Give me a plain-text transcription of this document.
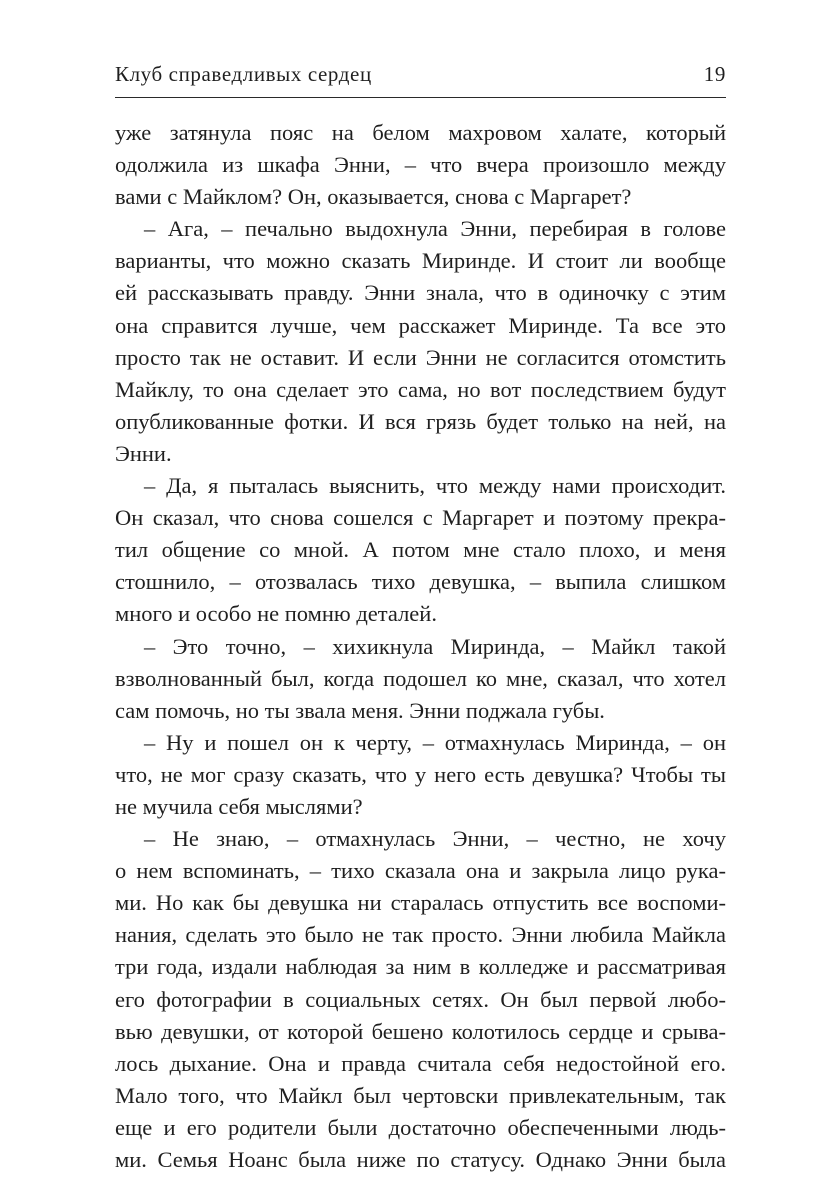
Клуб справедливых сердец	19
уже затянула пояс на белом махровом халате, который
одолжила из шкафа Энни, – что вчера произошло между
вами с Майклом? Он, оказывается, снова с Маргарет?
– Ага, – печально выдохнула Энни, перебирая в голове
варианты, что можно сказать Миринде. И стоит ли вообще
ей рассказывать правду. Энни знала, что в одиночку с этим
она справится лучше, чем расскажет Миринде. Та все это
просто так не оставит. И если Энни не согласится отомстить
Майклу, то она сделает это сама, но вот последствием будут
опубликованные фотки. И вся грязь будет только на ней, на
Энни.
– Да, я пыталась выяснить, что между нами происходит.
Он сказал, что снова сошелся с Маргарет и поэтому прекра-
тил общение со мной. А потом мне стало плохо, и меня
стошнило, – отозвалась тихо девушка, – выпила слишком
много и особо не помню деталей.
– Это точно, – хихикнула Миринда, – Майкл такой
взволнованный был, когда подошел ко мне, сказал, что хотел
сам помочь, но ты звала меня. Энни поджала губы.
– Ну и пошел он к черту, – отмахнулась Миринда, – он
что, не мог сразу сказать, что у него есть девушка? Чтобы ты
не мучила себя мыслями?
– Не знаю, – отмахнулась Энни, – честно, не хочу
о нем вспоминать, – тихо сказала она и закрыла лицо рука-
ми. Но как бы девушка ни старалась отпустить все воспоми-
нания, сделать это было не так просто. Энни любила Майкла
три года, издали наблюдая за ним в колледже и рассматривая
его фотографии в социальных сетях. Он был первой любо-
вью девушки, от которой бешено колотилось сердце и срыва-
лось дыхание. Она и правда считала себя недостойной его.
Мало того, что Майкл был чертовски привлекательным, так
еще и его родители были достаточно обеспеченными людь-
ми. Семья Ноанс была ниже по статусу. Однако Энни была
